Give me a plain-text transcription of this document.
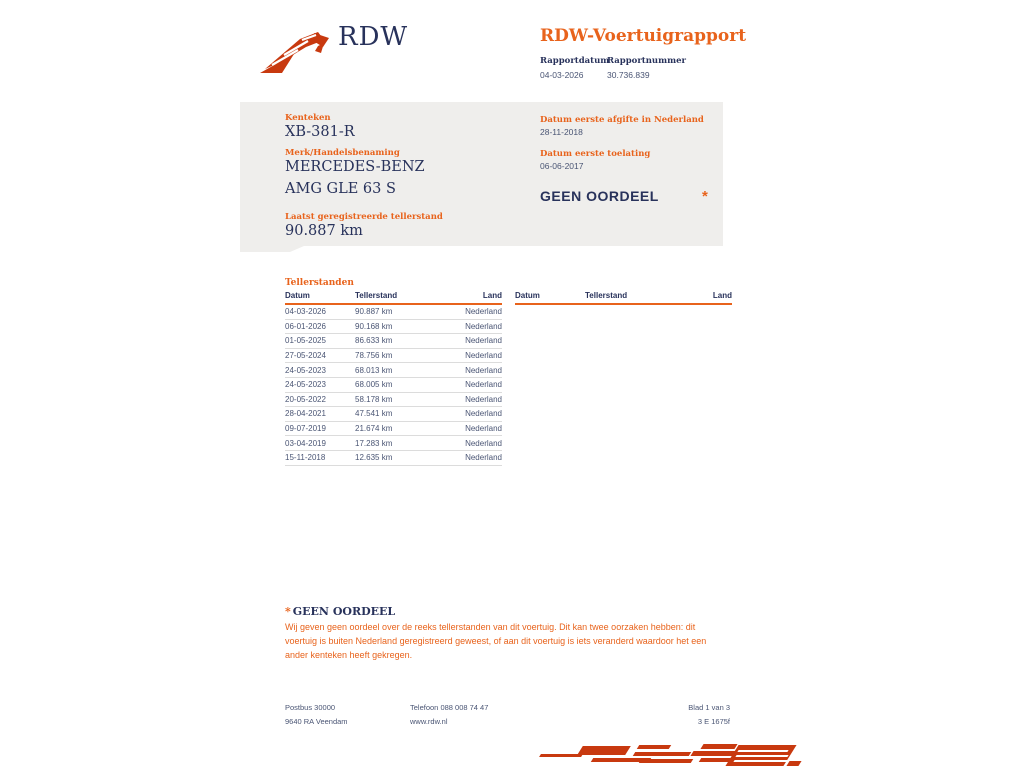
RDW	RDW-Voertuigrapport
Rapportdatum
04-03-2026
Rapportnummer
30.736.839
Kenteken
XB-381-R
Merk/Handelsbenaming
MERCEDES-BENZ
AMG GLE 63 S
Laatst geregistreerde tellerstand
90.887 km
Datum eerste afgifte in Nederland
28-11-2018
Datum eerste toelating
06-06-2017
GEEN OORDEEL	*
Tellerstanden
Datum	Tellerstand	Land
04-03-2026	90.887 km	Nederland
06-01-2026	90.168 km	Nederland
01-05-2025	86.633 km	Nederland
27-05-2024	78.756 km	Nederland
24-05-2023	68.013 km	Nederland
24-05-2023	68.005 km	Nederland
20-05-2022	58.178 km	Nederland
28-04-2021	47.541 km	Nederland
09-07-2019	21.674 km	Nederland
03-04-2019	17.283 km	Nederland
15-11-2018	12.635 km	Nederland
Datum	Tellerstand	Land
* GEEN OORDEEL
Wij geven geen oordeel over de reeks tellerstanden van dit voertuig. Dit kan twee oorzaken hebben: dit voertuig is buiten Nederland geregistreerd geweest, of aan dit voertuig is iets veranderd waardoor het een ander kenteken heeft gekregen.
Postbus 30000
9640 RA Veendam
Telefoon 088 008 74 47
www.rdw.nl
Blad 1 van 3
3 E 1675f
